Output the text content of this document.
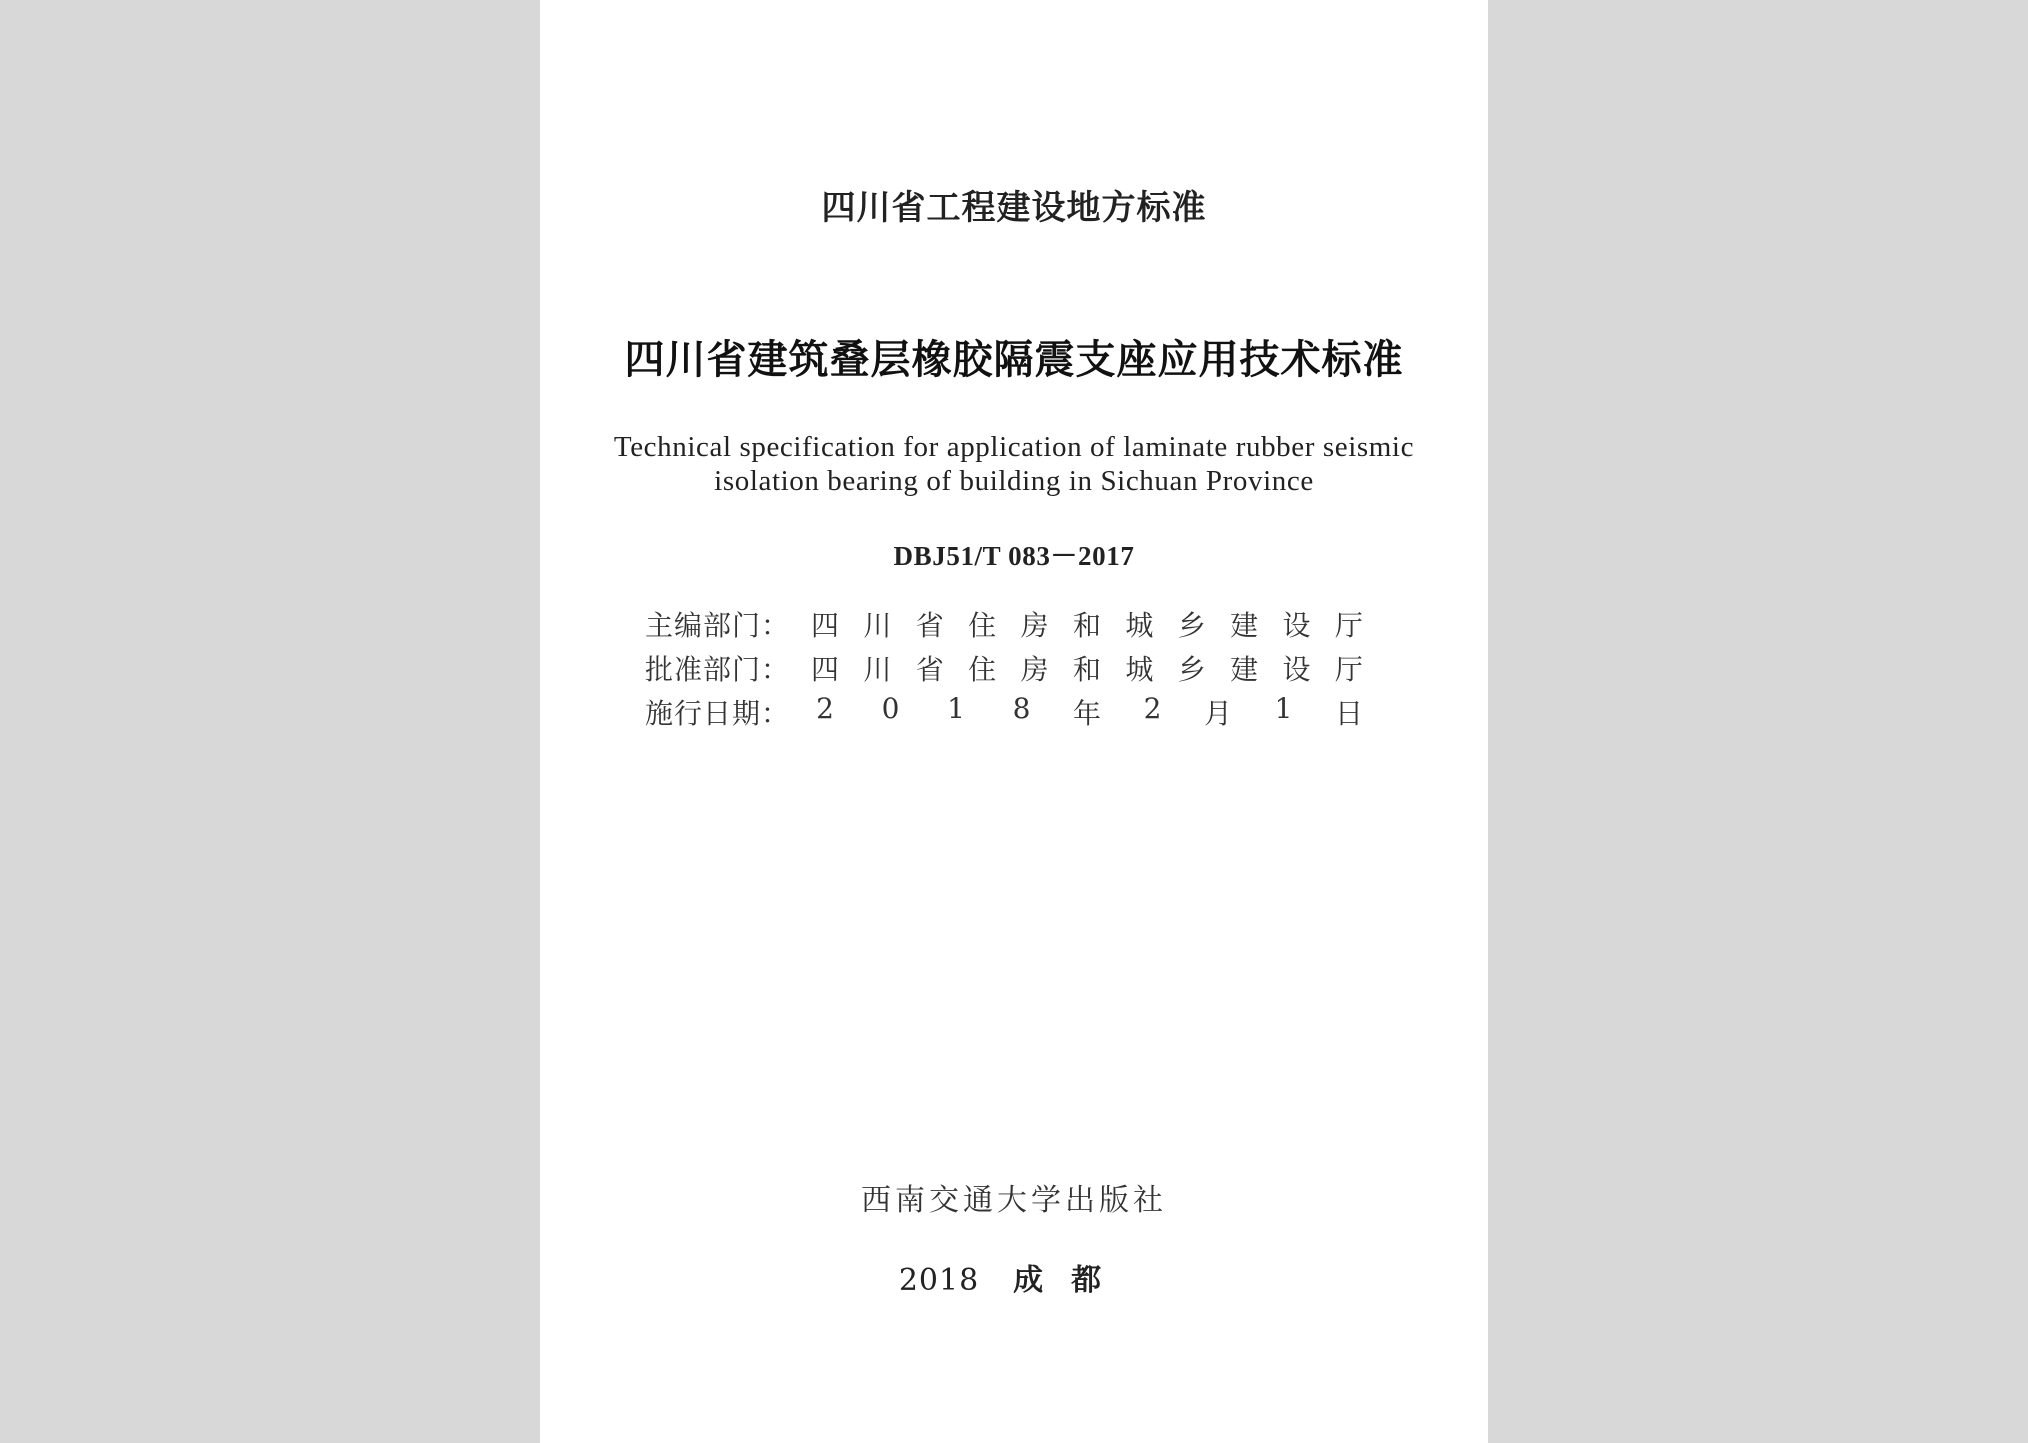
四川省工程建设地方标准
四川省建筑叠层橡胶隔震支座应用技术标准
Technical specification for application of laminate rubber seismic
isolation bearing of building in Sichuan Province
DBJ51/T 083－2017
主编部门： 四 川 省 住 房 和 城 乡 建 设 厅
批准部门： 四 川 省 住 房 和 城 乡 建 设 厅
施行日期： 2 0 1 8 年 2 月 1 日
西南交通大学出版社
2018 成都
